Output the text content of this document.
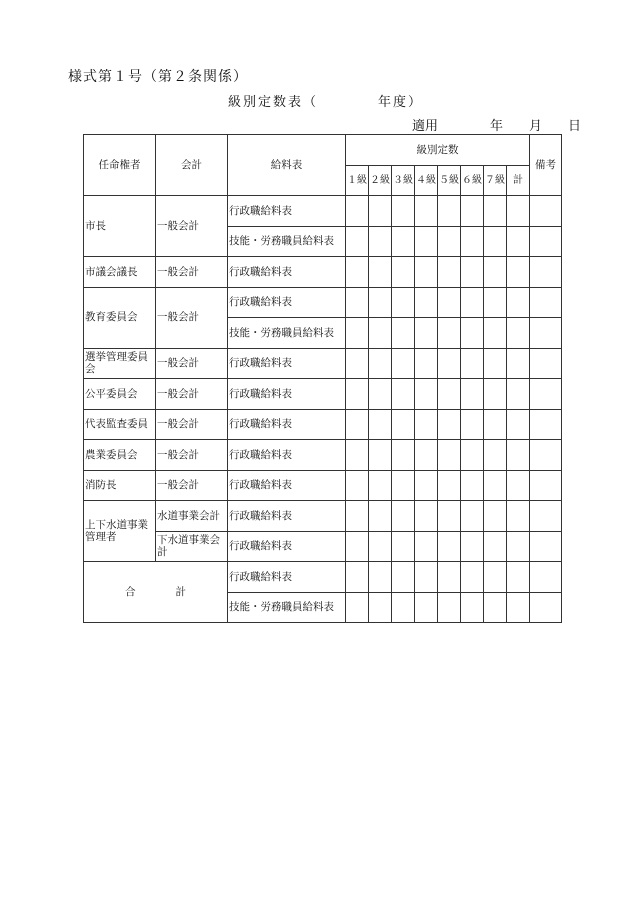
様式第１号（第２条関係）
級別定数表（　　　　年度）
適用　　　　年　　月　　日
任命権者	会計	給料表	級別定数								備考
			１級	２級	３級	４級	５級	６級	７級	計	
市長	一般会計	行政職給料表									
		技能・労務職員給料表									
市議会議長	一般会計	行政職給料表									
教育委員会	一般会計	行政職給料表									
		技能・労務職員給料表									
選挙管理委員会	一般会計	行政職給料表									
公平委員会	一般会計	行政職給料表									
代表監査委員	一般会計	行政職給料表									
農業委員会	一般会計	行政職給料表									
消防長	一般会計	行政職給料表									
上下水道事業管理者	水道事業会計	行政職給料表									
	下水道事業会計	行政職給料表									
合 計		行政職給料表									
		技能・労務職員給料表									
